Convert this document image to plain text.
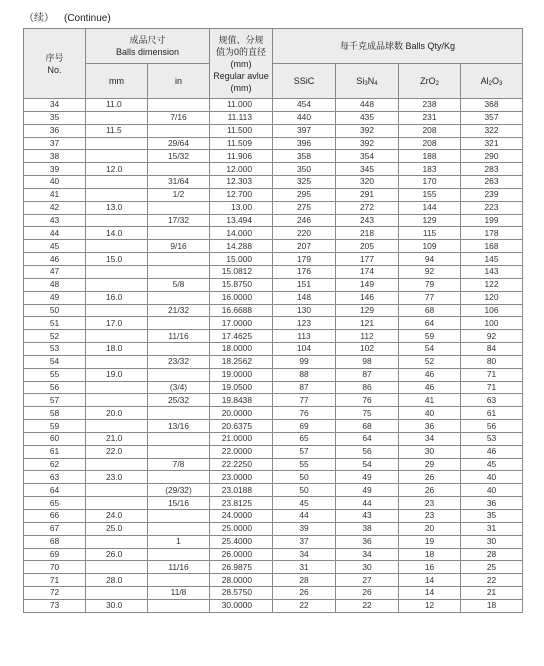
（续） (Continue)
序号
No.	成品尺寸
Balls dimension		规值、分规
值为0的直径
(mm)
Regular avlue
(mm)	每千克成品球数 Balls Qty/Kg			
	mm	in		SSiC	$Si_3N_4$	ZrO$_2$	$Al_2O_3$
34	11.0		11.000	454	448	238	368
35		7/16	11.113	440	435	231	357
36	11.5		11.500	397	392	208	322
37		29/64	11.509	396	392	208	321
38		15/32	11.906	358	354	188	290
39	12.0		12.000	350	345	183	283
40		31/64	12.303	325	320	170	263
41		1/2	12.700	295	291	155	239
42	13.0		13.00	275	272	144	223
43		17/32	13.494	246	243	129	199
44	14.0		14.000	220	218	115	178
45		9/16	14.288	207	205	109	168
46	15.0		15.000	179	177	94	145
47			15.0812	176	174	92	143
48		5/8	15.8750	151	149	79	122
49	16.0		16.0000	148	146	77	120
50		21/32	16.6688	130	129	68	106
51	17.0		17.0000	123	121	64	100
52		11/16	17.4625	113	112	59	92
53	18.0		18.0000	104	102	54	84
54		23/32	18.2562	99	98	52	80
55	19.0		19.0000	88	87	46	71
56		(3/4)	19.0500	87	86	46	71
57		25/32	19.8438	77	76	41	63
58	20.0		20.0000	76	75	40	61
59		13/16	20.6375	69	68	36	56
60	21.0		21.0000	65	64	34	53
61	22.0		22.0000	57	56	30	46
62		7/8	22.2250	55	54	29	45
63	23.0		23.0000	50	49	26	40
64		(29/32)	23.0188	50	49	26	40
65		15/16	23.8125	45	44	23	36
66	24.0		24.0000	44	43	23	35
67	25.0		25.0000	39	38	20	31
68		1	25.4000	37	36	19	30
69	26.0		26.0000	34	34	18	28
70		11/16	26.9875	31	30	16	25
71	28.0		28.0000	28	27	14	22
72		11/8	28.5750	26	26	14	21
73	30.0		30.0000	22	22	12	18
